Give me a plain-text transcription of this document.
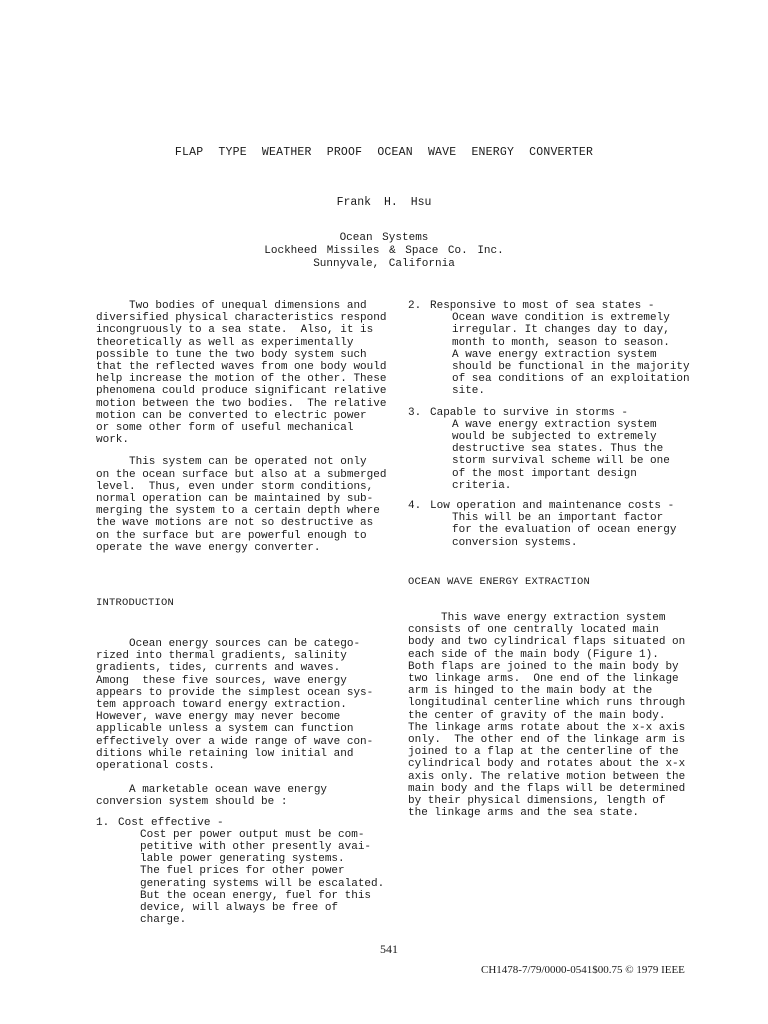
FLAP TYPE WEATHER PROOF OCEAN WAVE ENERGY CONVERTER
Frank H. Hsu
Ocean Systems
Lockheed Missiles & Space Co. Inc.
Sunnyvale, California

Two bodies of unequal dimensions and
diversified physical characteristics respond
incongruously to a sea state.  Also, it is
theoretically as well as experimentally
possible to tune the two body system such
that the reflected waves from one body would
help increase the motion of the other. These
phenomena could produce significant relative
motion between the two bodies.  The relative
motion can be converted to electric power
or some other form of useful mechanical
work.

This system can be operated not only
on the ocean surface but also at a submerged
level.  Thus, even under storm conditions,
normal operation can be maintained by sub-
merging the system to a certain depth where
the wave motions are not so destructive as
on the surface but are powerful enough to
operate the wave energy converter.

INTRODUCTION

Ocean energy sources can be catego-
rized into thermal gradients, salinity
gradients, tides, currents and waves.
Among  these five sources, wave energy
appears to provide the simplest ocean sys-
tem approach toward energy extraction.
However, wave energy may never become
applicable unless a system can function
effectively over a wide range of wave con-
ditions while retaining low initial and
operational costs.

A marketable ocean wave energy
conversion system should be :

1. Cost effective -
Cost per power output must be com-
petitive with other presently avai-
lable power generating systems.
The fuel prices for other power
generating systems will be escalated.
But the ocean energy, fuel for this
device, will always be free of
charge.
2. Responsive to most of sea states -
Ocean wave condition is extremely
irregular. It changes day to day,
month to month, season to season.
A wave energy extraction system
should be functional in the majority
of sea conditions of an exploitation
site.
3. Capable to survive in storms -
A wave energy extraction system
would be subjected to extremely
destructive sea states. Thus the
storm survival scheme will be one
of the most important design
criteria.
4. Low operation and maintenance costs -
This will be an important factor
for the evaluation of ocean energy
conversion systems.
OCEAN WAVE ENERGY EXTRACTION

This wave energy extraction system
consists of one centrally located main
body and two cylindrical flaps situated on
each side of the main body (Figure 1).
Both flaps are joined to the main body by
two linkage arms.  One end of the linkage
arm is hinged to the main body at the
longitudinal centerline which runs through
the center of gravity of the main body.
The linkage arms rotate about the x-x axis
only.  The other end of the linkage arm is
joined to a flap at the centerline of the
cylindrical body and rotates about the x-x
axis only. The relative motion between the
main body and the flaps will be determined
by their physical dimensions, length of
the linkage arms and the sea state.

541
CH1478-7/79/0000-0541$00.75 © 1979 IEEE
